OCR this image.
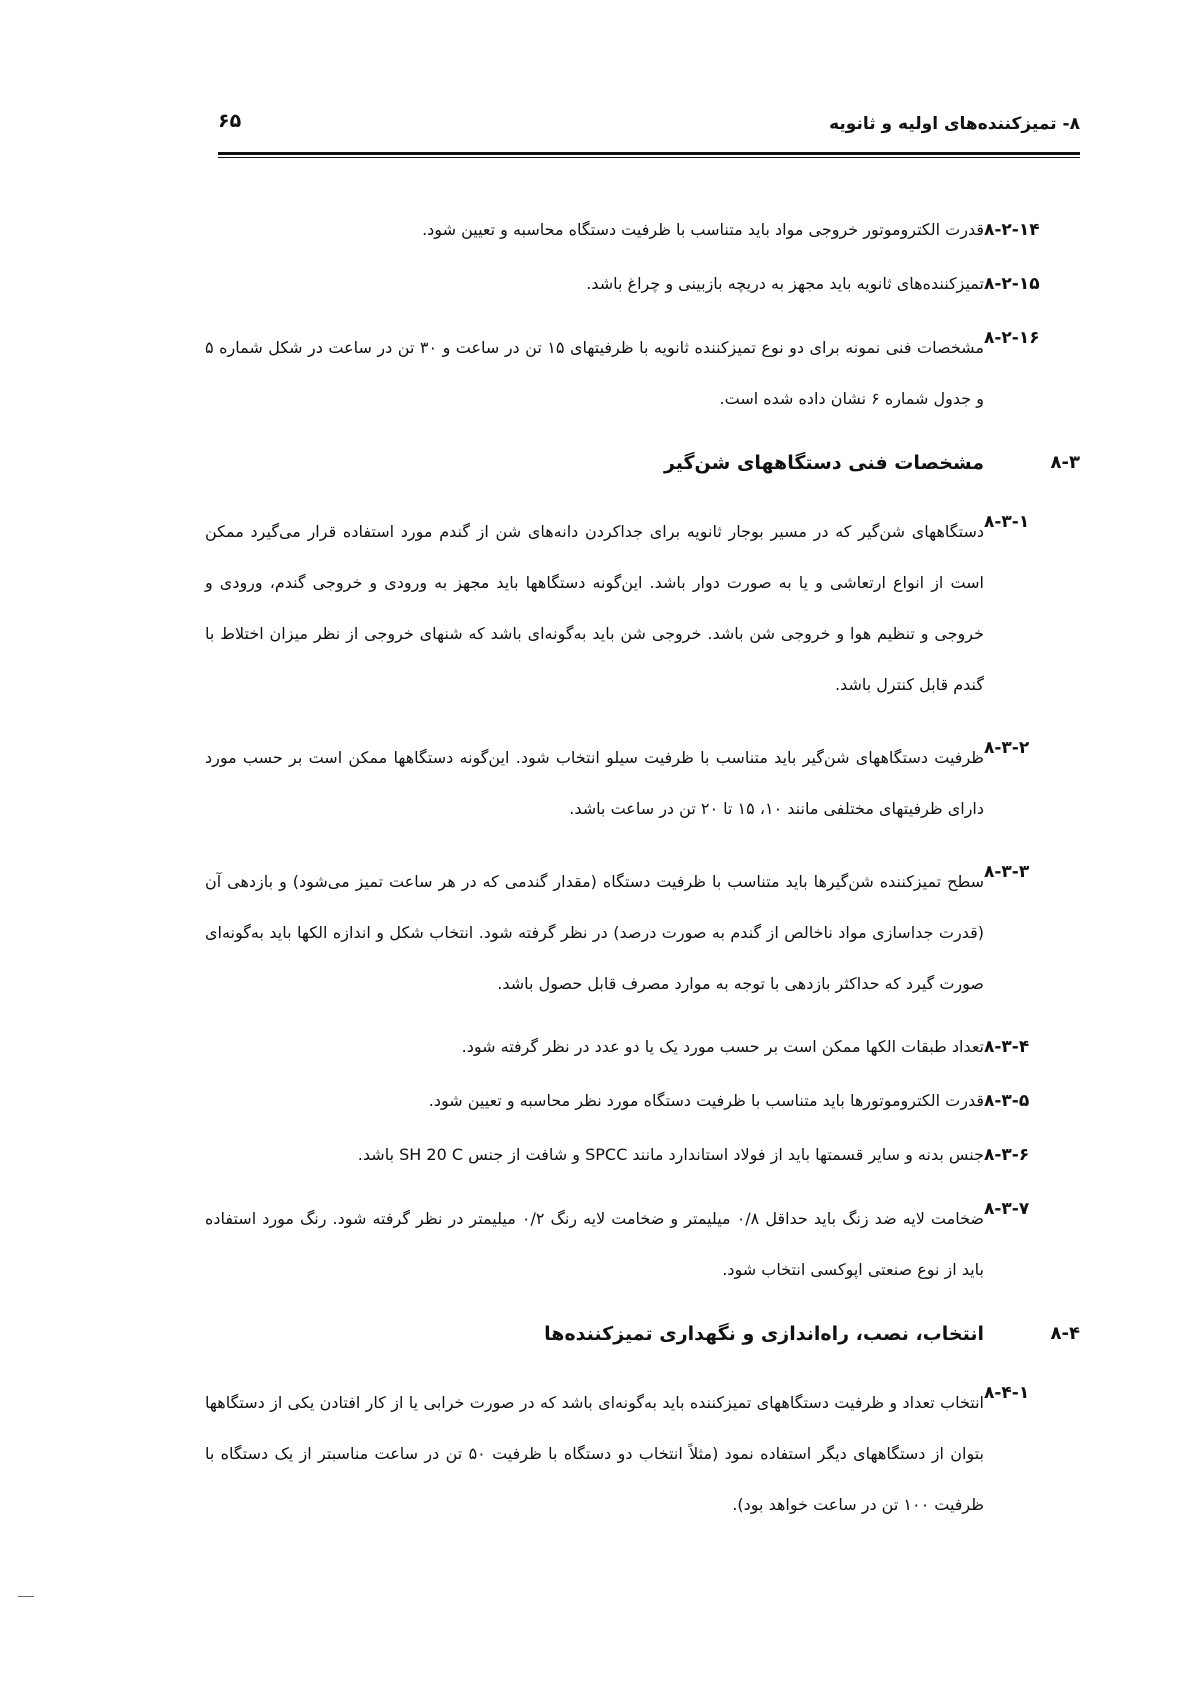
۸- تمیزکننده‌های اولیه و ثانویه
۶۵
۸-۲-۱۴
قدرت الکتروموتور خروجی مواد باید متناسب با ظرفیت دستگاه محاسبه و تعیین شود.
۸-۲-۱۵
تمیزکننده‌های ثانویه باید مجهز به دریچه بازبینی و چراغ باشد.
۸-۲-۱۶
مشخصات فنی نمونه برای دو نوع تمیزکننده ثانویه با ظرفیتهای ۱۵ تن در ساعت و ۳۰ تن در ساعت در شکل شماره ۵ و جدول شماره ۶ نشان داده شده است.
۸-۳
مشخصات فنی دستگاههای شن‌گیر
۸-۳-۱
دستگاههای شن‌گیر که در مسیر بوجار ثانویه برای جداکردن دانه‌های شن از گندم مورد استفاده قرار می‌گیرد ممکن است از انواع ارتعاشی و یا به صورت دوار باشد. این‌گونه دستگاهها باید مجهز به ورودی و خروجی گندم، ورودی و خروجی و تنظیم هوا و خروجی شن باشد. خروجی شن باید به‌گونه‌ای باشد که شنهای خروجی از نظر میزان اختلاط با گندم قابل کنترل باشد.
۸-۳-۲
ظرفیت دستگاههای شن‌گیر باید متناسب با ظرفیت سیلو انتخاب شود. این‌گونه دستگاهها ممکن است بر حسب مورد دارای ظرفیتهای مختلفی مانند ۱۰، ۱۵ تا ۲۰ تن در ساعت باشد.
۸-۳-۳
سطح تمیزکننده شن‌گیرها باید متناسب با ظرفیت دستگاه (مقدار گندمی که در هر ساعت تمیز می‌شود) و بازدهی آن (قدرت جداسازی مواد ناخالص از گندم به صورت درصد) در نظر گرفته شود. انتخاب شکل و اندازه الکها باید به‌گونه‌ای صورت گیرد که حداکثر بازدهی با توجه به موارد مصرف قابل حصول باشد.
۸-۳-۴
تعداد طبقات الکها ممکن است بر حسب مورد یک یا دو عدد در نظر گرفته شود.
۸-۳-۵
قدرت الکتروموتورها باید متناسب با ظرفیت دستگاه مورد نظر محاسبه و تعیین شود.
۸-۳-۶
جنس بدنه و سایر قسمتها باید از فولاد استاندارد مانند SPCC و شافت از جنس SH 20 C باشد.
۸-۳-۷
ضخامت لایه ضد زنگ باید حداقل ۰/۸ میلیمتر و ضخامت لایه رنگ ۰/۲ میلیمتر در نظر گرفته شود. رنگ مورد استفاده باید از نوع صنعتی اپوکسی انتخاب شود.
۸-۴
انتخاب، نصب، راه‌اندازی و نگهداری تمیزکننده‌ها
۸-۴-۱
انتخاب تعداد و ظرفیت دستگاههای تمیزکننده باید به‌گونه‌ای باشد که در صورت خرابی یا از کار افتادن یکی از دستگاهها بتوان از دستگاههای دیگر استفاده نمود (مثلاً انتخاب دو دستگاه با ظرفیت ۵۰ تن در ساعت مناسبتر از یک دستگاه با ظرفیت ۱۰۰ تن در ساعت خواهد بود).
